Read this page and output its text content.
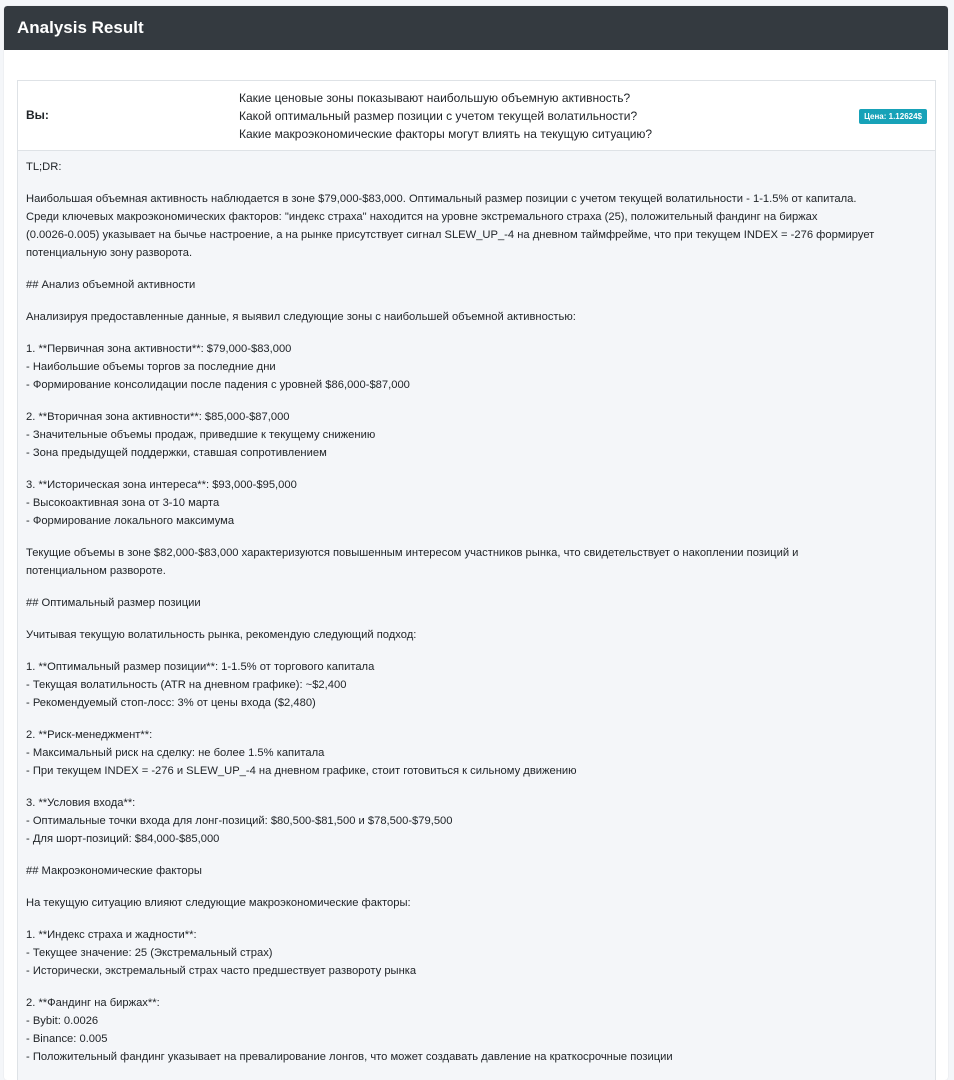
Analysis Result
Вы:
Какие ценовые зоны показывают наибольшую объемную активность?
Какой оптимальный размер позиции с учетом текущей волатильности?
Какие макроэкономические факторы могут влиять на текущую ситуацию?
Цена: 1.12624$

TL;DR:

Наибольшая объемная активность наблюдается в зоне $79,000-$83,000. Оптимальный размер позиции с учетом текущей волатильности - 1-1.5% от капитала.
Среди ключевых макроэкономических факторов: "индекс страха" находится на уровне экстремального страха (25), положительный фандинг на биржах
(0.0026-0.005) указывает на бычье настроение, а на рынке присутствует сигнал SLEW_UP_-4 на дневном таймфрейме, что при текущем INDEX = -276 формирует
потенциальную зону разворота.

## Анализ объемной активности

Анализируя предоставленные данные, я выявил следующие зоны с наибольшей объемной активностью:

1. **Первичная зона активности**: $79,000-$83,000
- Наибольшие объемы торгов за последние дни
- Формирование консолидации после падения с уровней $86,000-$87,000

2. **Вторичная зона активности**: $85,000-$87,000
- Значительные объемы продаж, приведшие к текущему снижению
- Зона предыдущей поддержки, ставшая сопротивлением

3. **Историческая зона интереса**: $93,000-$95,000
- Высокоактивная зона от 3-10 марта
- Формирование локального максимума

Текущие объемы в зоне $82,000-$83,000 характеризуются повышенным интересом участников рынка, что свидетельствует о накоплении позиций и
потенциальном развороте.

## Оптимальный размер позиции

Учитывая текущую волатильность рынка, рекомендую следующий подход:

1. **Оптимальный размер позиции**: 1-1.5% от торгового капитала
- Текущая волатильность (ATR на дневном графике): ~$2,400
- Рекомендуемый стоп-лосс: 3% от цены входа ($2,480)

2. **Риск-менеджмент**:
- Максимальный риск на сделку: не более 1.5% капитала
- При текущем INDEX = -276 и SLEW_UP_-4 на дневном графике, стоит готовиться к сильному движению

3. **Условия входа**:
- Оптимальные точки входа для лонг-позиций: $80,500-$81,500 и $78,500-$79,500
- Для шорт-позиций: $84,000-$85,000

## Макроэкономические факторы

На текущую ситуацию влияют следующие макроэкономические факторы:

1. **Индекс страха и жадности**:
- Текущее значение: 25 (Экстремальный страх)
- Исторически, экстремальный страх часто предшествует развороту рынка

2. **Фандинг на биржах**:
- Bybit: 0.0026
- Binance: 0.005
- Положительный фандинг указывает на превалирование лонгов, что может создавать давление на краткосрочные позиции
